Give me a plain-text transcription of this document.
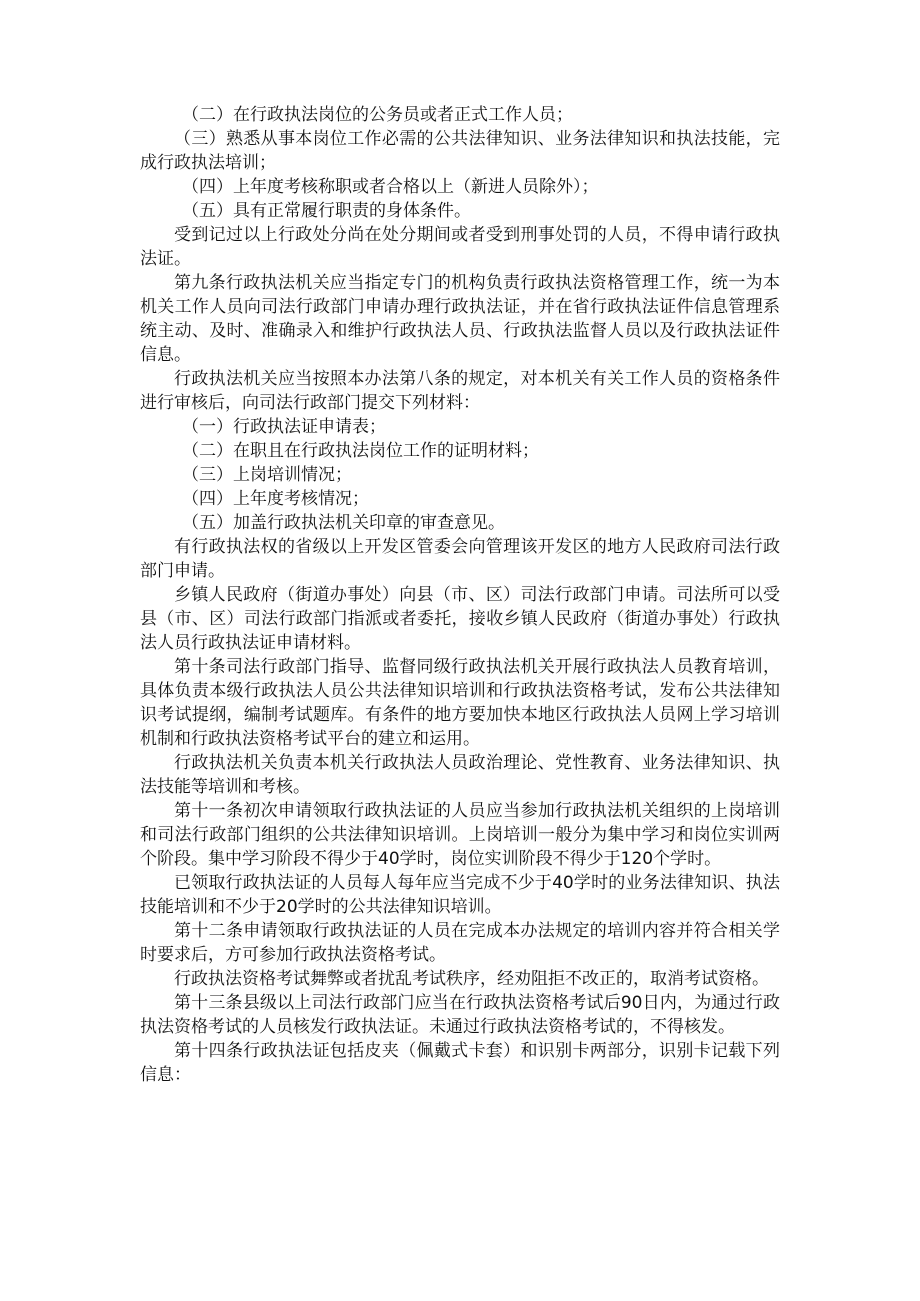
（二）在行政执法岗位的公务员或者正式工作人员；

（三）熟悉从事本岗位工作必需的公共法律知识、业务法律知识和执法技能，完成行政执法培训；

（四）上年度考核称职或者合格以上（新进人员除外）；

（五）具有正常履行职责的身体条件。

受到记过以上行政处分尚在处分期间或者受到刑事处罚的人员，不得申请行政执法证。

第九条行政执法机关应当指定专门的机构负责行政执法资格管理工作，统一为本机关工作人员向司法行政部门申请办理行政执法证，并在省行政执法证件信息管理系统主动、及时、准确录入和维护行政执法人员、行政执法监督人员以及行政执法证件信息。

行政执法机关应当按照本办法第八条的规定，对本机关有关工作人员的资格条件进行审核后，向司法行政部门提交下列材料：

（一）行政执法证申请表；

（二）在职且在行政执法岗位工作的证明材料；

（三）上岗培训情况；

（四）上年度考核情况；

（五）加盖行政执法机关印章的审查意见。

有行政执法权的省级以上开发区管委会向管理该开发区的地方人民政府司法行政部门申请。

乡镇人民政府（街道办事处）向县（市、区）司法行政部门申请。司法所可以受县（市、区）司法行政部门指派或者委托，接收乡镇人民政府（街道办事处）行政执法人员行政执法证申请材料。

第十条司法行政部门指导、监督同级行政执法机关开展行政执法人员教育培训，具体负责本级行政执法人员公共法律知识培训和行政执法资格考试，发布公共法律知识考试提纲，编制考试题库。有条件的地方要加快本地区行政执法人员网上学习培训机制和行政执法资格考试平台的建立和运用。

行政执法机关负责本机关行政执法人员政治理论、党性教育、业务法律知识、执法技能等培训和考核。

第十一条初次申请领取行政执法证的人员应当参加行政执法机关组织的上岗培训和司法行政部门组织的公共法律知识培训。上岗培训一般分为集中学习和岗位实训两个阶段。集中学习阶段不得少于40学时，岗位实训阶段不得少于120个学时。

已领取行政执法证的人员每人每年应当完成不少于40学时的业务法律知识、执法技能培训和不少于20学时的公共法律知识培训。

第十二条申请领取行政执法证的人员在完成本办法规定的培训内容并符合相关学时要求后，方可参加行政执法资格考试。

行政执法资格考试舞弊或者扰乱考试秩序，经劝阻拒不改正的，取消考试资格。

第十三条县级以上司法行政部门应当在行政执法资格考试后90日内，为通过行政执法资格考试的人员核发行政执法证。未通过行政执法资格考试的，不得核发。

第十四条行政执法证包括皮夹（佩戴式卡套）和识别卡两部分，识别卡记载下列信息：
